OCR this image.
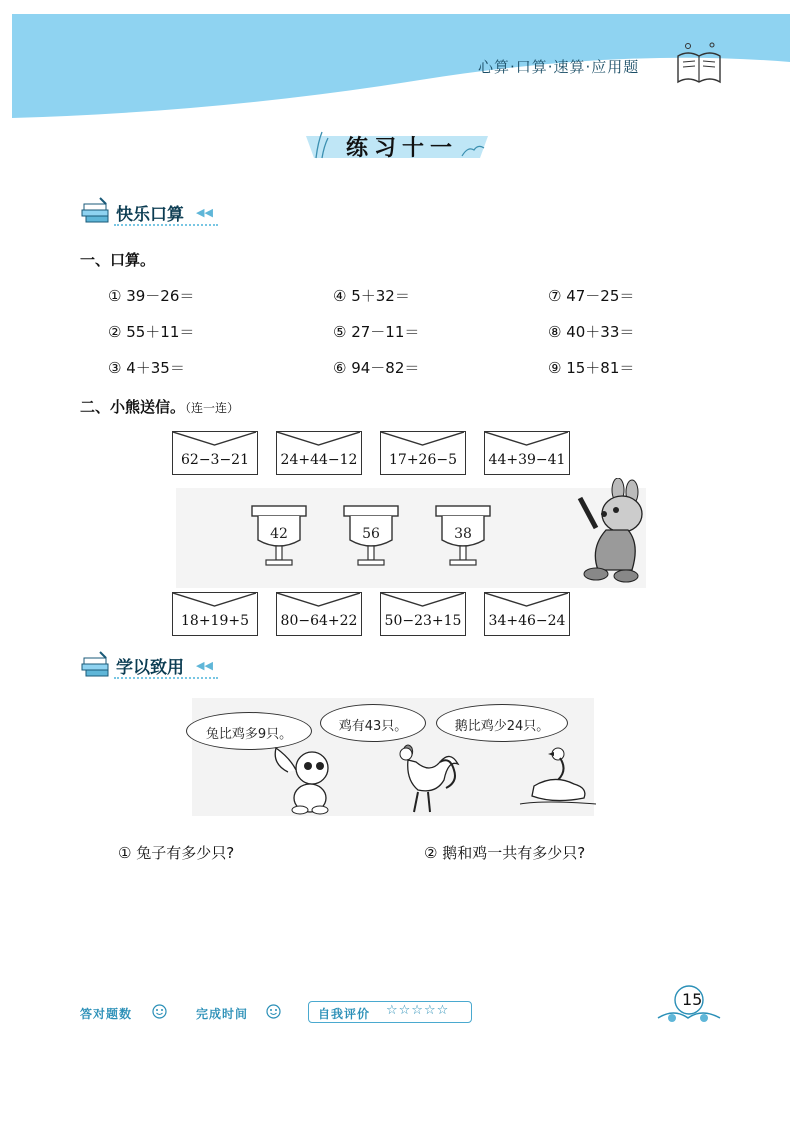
心算·口算·速算·应用题
练习十一
快乐口算 ◀◀
一、口算。
① 39－26＝	④ 5＋32＝	⑦ 47－25＝
② 55＋11＝	⑤ 27－11＝	⑧ 40＋33＝
③ 4＋35＝	⑥ 94－82＝	⑨ 15＋81＝
二、小熊送信。（连一连）
62−3−21	24+44−12	17+26−5	44+39−41
42	56	38
18+19+5	80−64+22 50−23+15 34+46−24
学以致用 ◀◀
兔比鸡多9只。
鸡有43只。	鹅比鸡少24只。
① 兔子有多少只?	② 鹅和鸡一共有多少只?
答对题数	完成时间	自我评价 ☆☆☆☆☆
15
